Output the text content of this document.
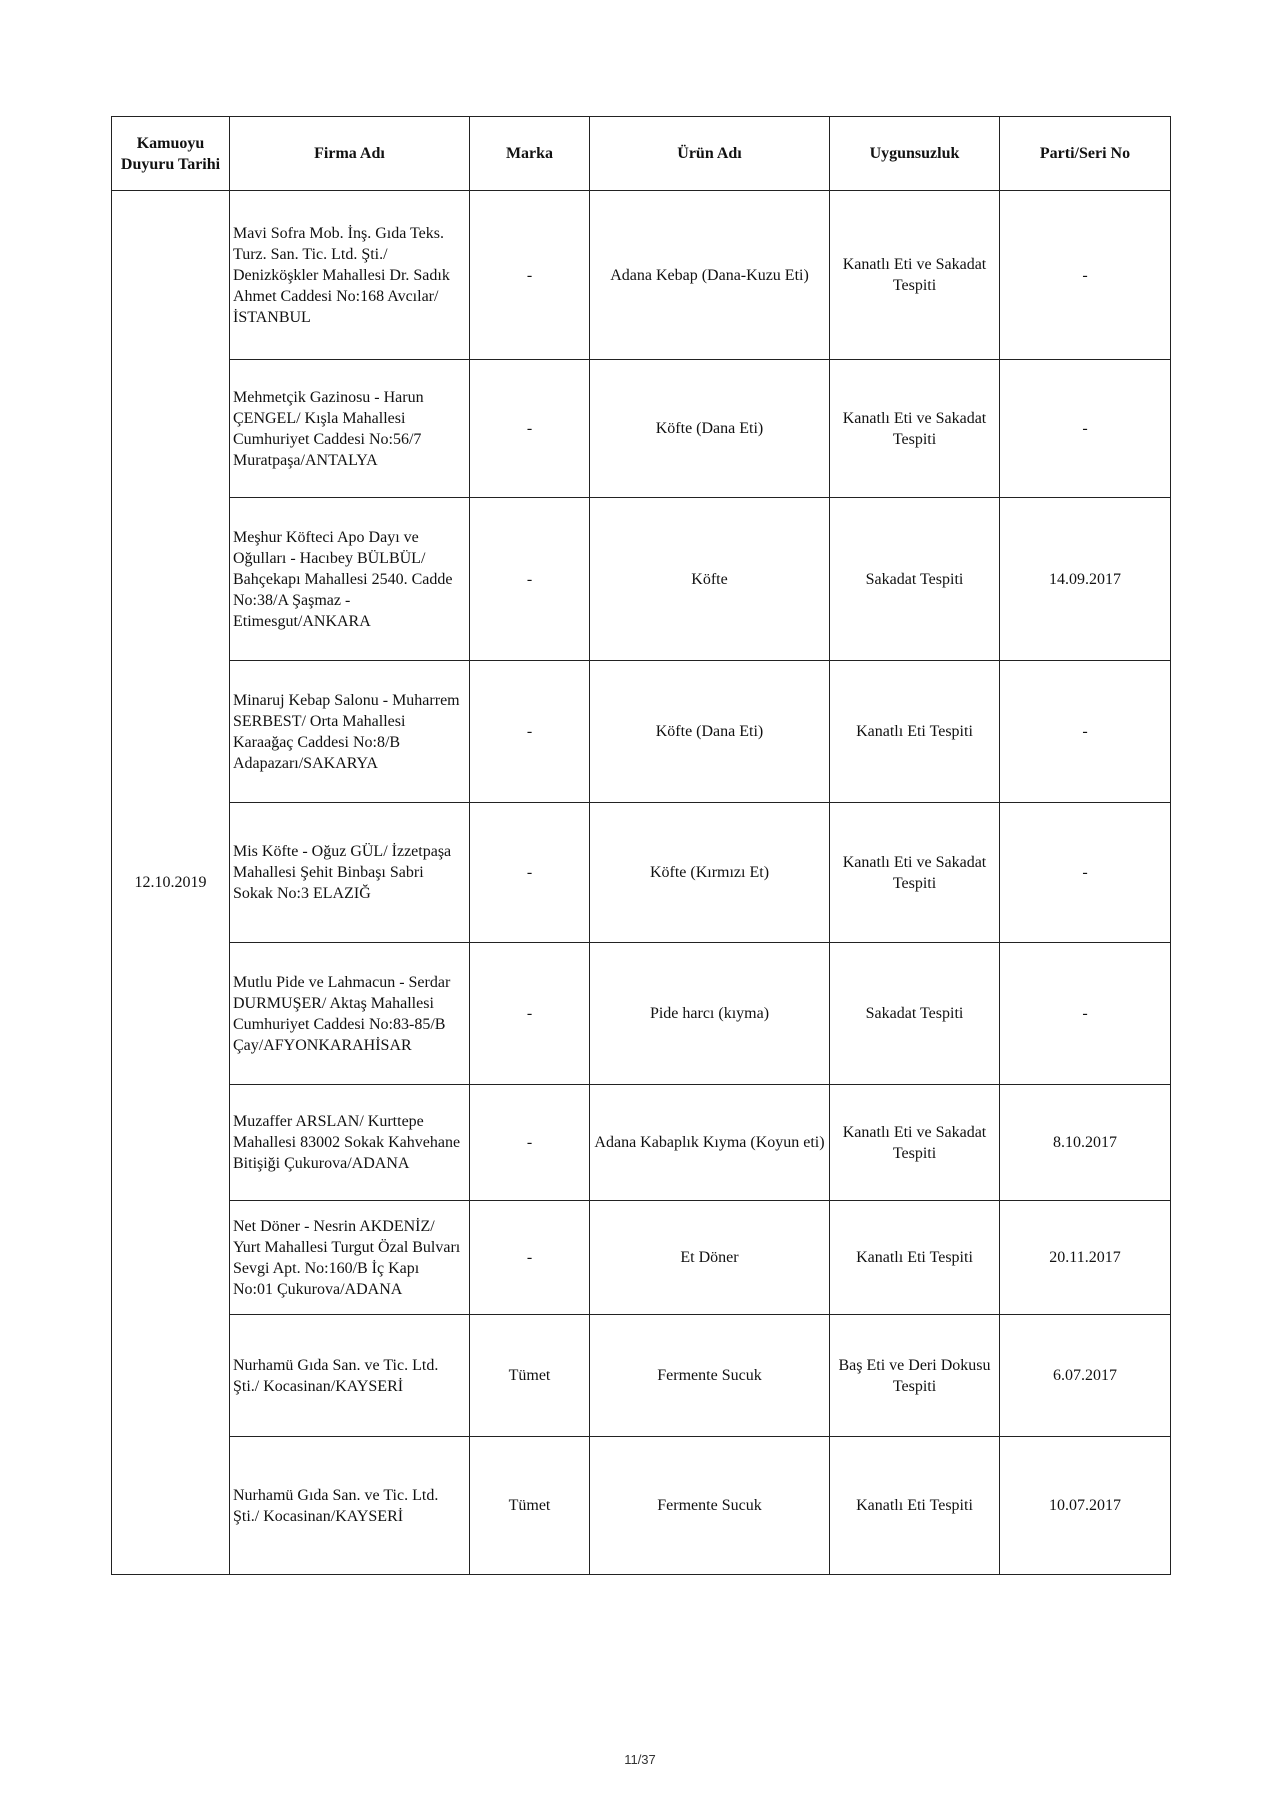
Kamuoyu Duyuru Tarihi	Firma Adı	Marka	Ürün Adı	Uygunsuzluk	Parti/Seri No
12.10.2019	Mavi Sofra Mob. İnş. Gıda Teks. Turz. San. Tic. Ltd. Şti./ Denizköşkler Mahallesi Dr. Sadık Ahmet Caddesi No:168 Avcılar/İSTANBUL	-	Adana Kebap (Dana-Kuzu Eti)	Kanatlı Eti ve Sakadat Tespiti	-
	Mehmetçik Gazinosu - Harun ÇENGEL/ Kışla Mahallesi Cumhuriyet Caddesi No:56/7 Muratpaşa/ANTALYA	-	Köfte (Dana Eti)	Kanatlı Eti ve Sakadat Tespiti	-
	Meşhur Köfteci Apo Dayı ve Oğulları - Hacıbey BÜLBÜL/ Bahçekapı Mahallesi 2540. Cadde No:38/A Şaşmaz - Etimesgut/ANKARA	-	Köfte	Sakadat Tespiti	14.09.2017
	Minaruj Kebap Salonu - Muharrem SERBEST/ Orta Mahallesi Karaağaç Caddesi No:8/B Adapazarı/SAKARYA	-	Köfte (Dana Eti)	Kanatlı Eti Tespiti	-
	Mis Köfte - Oğuz GÜL/ İzzetpaşa Mahallesi Şehit Binbaşı Sabri Sokak No:3 ELAZIĞ	-	Köfte (Kırmızı Et)	Kanatlı Eti ve Sakadat Tespiti	-
	Mutlu Pide ve Lahmacun - Serdar DURMUŞER/ Aktaş Mahallesi Cumhuriyet Caddesi No:83-85/B Çay/AFYONKARAHİSAR	-	Pide harcı (kıyma)	Sakadat Tespiti	-
	Muzaffer ARSLAN/ Kurttepe Mahallesi 83002 Sokak Kahvehane Bitişiği Çukurova/ADANA	-	Adana Kabaplık Kıyma (Koyun eti)	Kanatlı Eti ve Sakadat Tespiti	8.10.2017
	Net Döner - Nesrin AKDENİZ/ Yurt Mahallesi Turgut Özal Bulvarı Sevgi Apt. No:160/B İç Kapı No:01 Çukurova/ADANA	-	Et Döner	Kanatlı Eti Tespiti	20.11.2017
	Nurhamü Gıda San. ve Tic. Ltd. Şti./ Kocasinan/KAYSERİ	Tümet	Fermente Sucuk	Baş Eti ve Deri Dokusu Tespiti	6.07.2017
	Nurhamü Gıda San. ve Tic. Ltd. Şti./ Kocasinan/KAYSERİ	Tümet	Fermente Sucuk	Kanatlı Eti Tespiti	10.07.2017
11/37
